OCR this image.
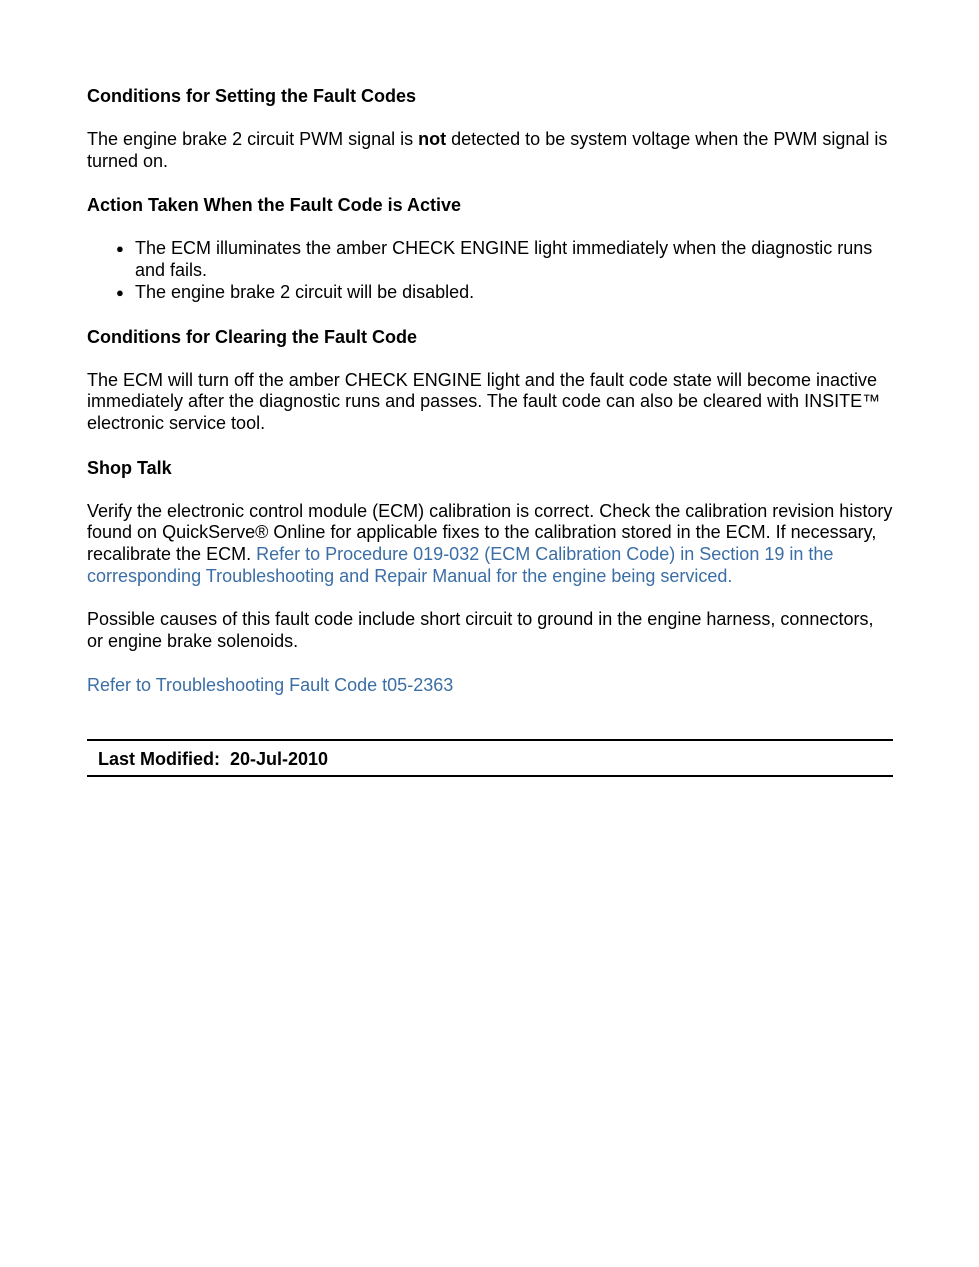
Conditions for Setting the Fault Codes

The engine brake 2 circuit PWM signal is not detected to be system voltage when the PWM signal is turned on.

Action Taken When the Fault Code is Active

● The ECM illuminates the amber CHECK ENGINE light immediately when the diagnostic runs and fails.
● The engine brake 2 circuit will be disabled.

Conditions for Clearing the Fault Code

The ECM will turn off the amber CHECK ENGINE light and the fault code state will become inactive immediately after the diagnostic runs and passes. The fault code can also be cleared with INSITE™ electronic service tool.

Shop Talk

Verify the electronic control module (ECM) calibration is correct. Check the calibration revision history found on QuickServe® Online for applicable fixes to the calibration stored in the ECM. If necessary, recalibrate the ECM. Refer to Procedure 019-032 (ECM Calibration Code) in Section 19 in the corresponding Troubleshooting and Repair Manual for the engine being serviced.

Possible causes of this fault code include short circuit to ground in the engine harness, connectors, or engine brake solenoids.

Refer to Troubleshooting Fault Code t05-2363

Last Modified:  20-Jul-2010
